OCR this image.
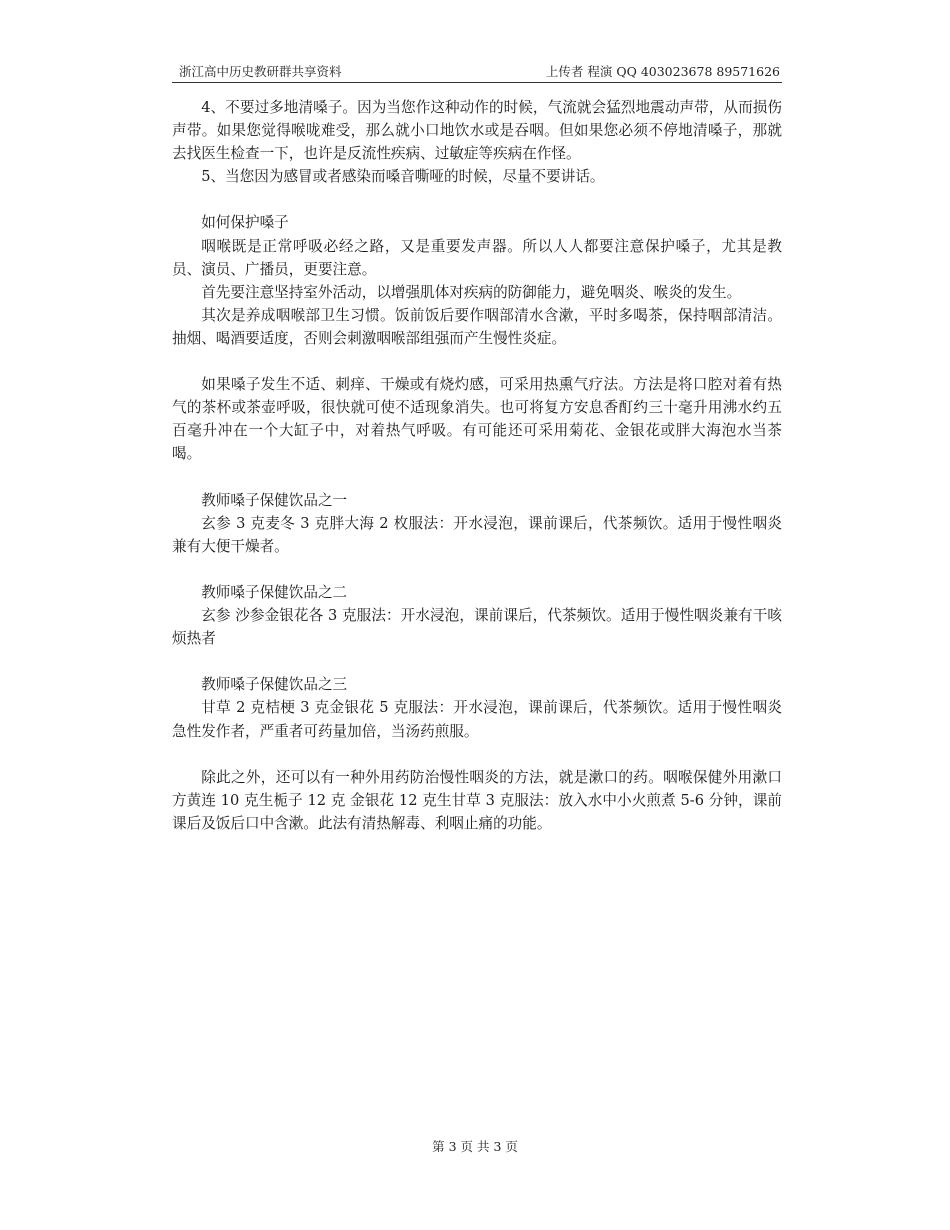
浙江高中历史教研群共享资料	上传者 程演 QQ 403023678 89571626

4、不要过多地清嗓子。因为当您作这种动作的时候，气流就会猛烈地震动声带，从而损伤声带。如果您觉得喉咙难受，那么就小口地饮水或是吞咽。但如果您必须不停地清嗓子，那就去找医生检查一下，也许是反流性疾病、过敏症等疾病在作怪。

5、当您因为感冒或者感染而嗓音嘶哑的时候，尽量不要讲话。

如何保护嗓子

咽喉既是正常呼吸必经之路，又是重要发声器。所以人人都要注意保护嗓子，尤其是教员、演员、广播员，更要注意。

首先要注意坚持室外活动，以增强肌体对疾病的防御能力，避免咽炎、喉炎的发生。

其次是养成咽喉部卫生习惯。饭前饭后要作咽部清水含漱，平时多喝茶，保持咽部清洁。抽烟、喝酒要适度，否则会刺激咽喉部组强而产生慢性炎症。

如果嗓子发生不适、刺痒、干燥或有烧灼感，可采用热熏气疗法。方法是将口腔对着有热气的茶杯或茶壶呼吸，很快就可使不适现象消失。也可将复方安息香酊约三十毫升用沸水约五百毫升冲在一个大缸子中，对着热气呼吸。有可能还可采用菊花、金银花或胖大海泡水当茶喝。

教师嗓子保健饮品之一

玄参 3 克麦冬 3 克胖大海 2 枚服法：开水浸泡，课前课后，代茶频饮。适用于慢性咽炎兼有大便干燥者。

教师嗓子保健饮品之二

玄参 沙参金银花各 3 克服法：开水浸泡，课前课后，代茶频饮。适用于慢性咽炎兼有干咳烦热者

教师嗓子保健饮品之三

甘草 2 克桔梗 3 克金银花 5 克服法：开水浸泡，课前课后，代茶频饮。适用于慢性咽炎急性发作者，严重者可药量加倍，当汤药煎服。

除此之外，还可以有一种外用药防治慢性咽炎的方法，就是漱口的药。咽喉保健外用漱口方黄连 10 克生栀子 12 克 金银花 12 克生甘草 3 克服法：放入水中小火煎煮 5-6 分钟，课前课后及饭后口中含漱。此法有清热解毒、利咽止痛的功能。

第 3 页 共 3 页
